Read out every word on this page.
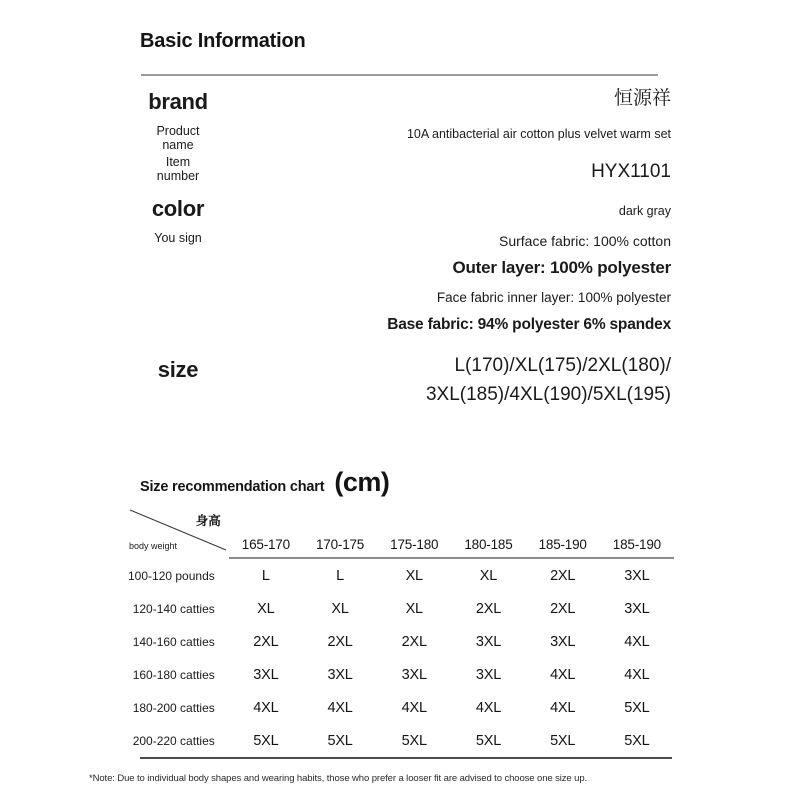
Basic Information
brand	恒源祥
Product
name
10A antibacterial air cotton plus velvet warm set
Item
number	HYX1101
color	dark gray
You sign	Surface fabric: 100% cotton
Outer layer: 100% polyester
Face fabric inner layer: 100% polyester
Base fabric: 94% polyester 6% spandex
size	L(170)/XL(175)/2XL(180)/
3XL(185)/4XL(190)/5XL(195)
Size recommendation chart (cm)
身高
body weight	165-170	170-175	175-180	180-185	185-190	185-190

100-120 pounds	L	L	XL	XL	2XL	3XL
120-140 catties	XL	XL	XL	2XL	2XL	3XL
140-160 catties	2XL	2XL	2XL	3XL	3XL	4XL
160-180 catties	3XL	3XL	3XL	3XL	4XL	4XL
180-200 catties	4XL	4XL	4XL	4XL	4XL	5XL
200-220 catties	5XL	5XL	5XL	5XL	5XL	5XL
*Note: Due to individual body shapes and wearing habits, those who prefer a looser fit are advised to choose one size up.
